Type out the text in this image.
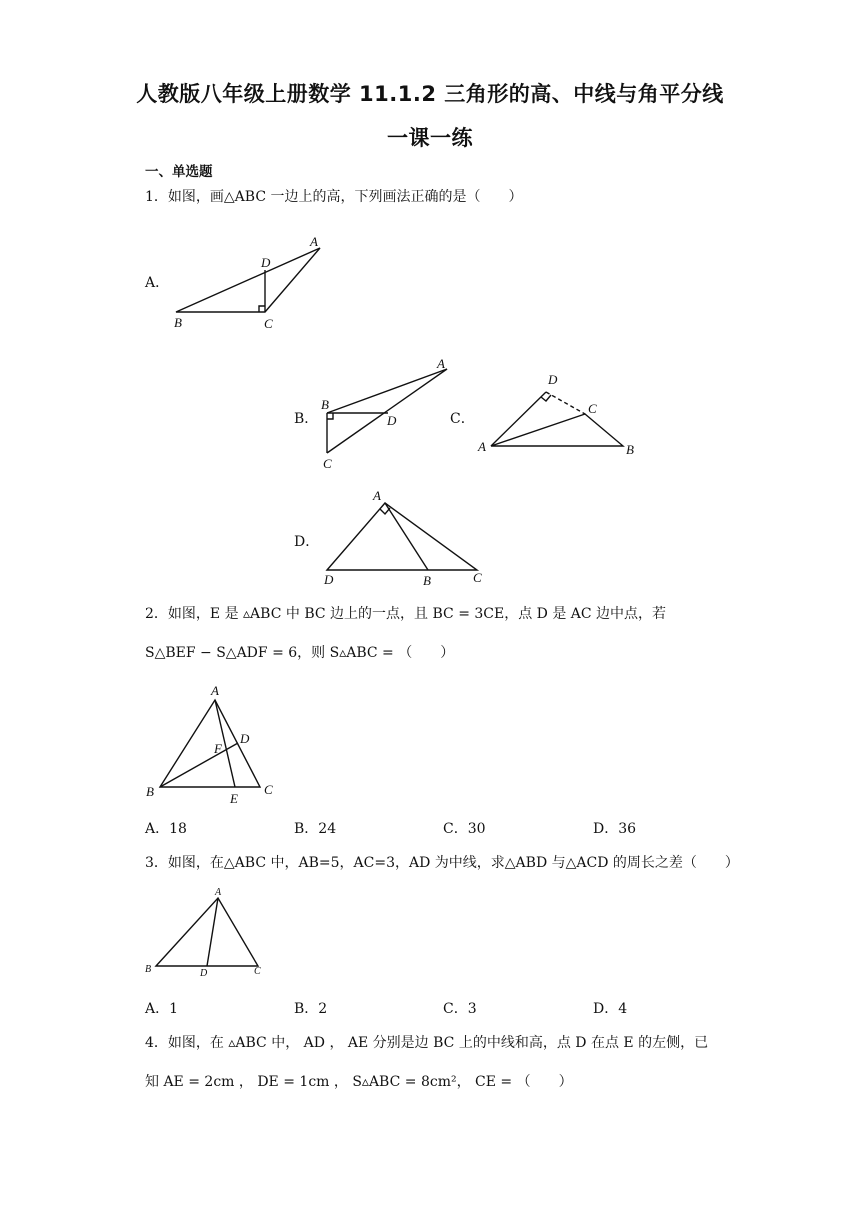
人教版八年级上册数学 11.1.2 三角形的高、中线与角平分线
一课一练
一、单选题
1．如图，画△ABC 一边上的高，下列画法正确的是（　　）
A．
A
D
B	C
B．
A
B
D
C
C．
D
C
A	B
D．
A
D	B	C
2．如图，E 是 ▵ABC 中 BC 边上的一点，且 BC = 3CE，点 D 是 AC 边中点，若
S△BEF − S△ADF = 6，则 S▵ABC = （　　）
A
D
F
B	E
C
A．18	B．24	C．30	D．36
3．如图，在△ABC 中，AB=5，AC=3，AD 为中线，求△ABD 与△ACD 的周长之差（　　）
A
B	D	C
A．1	B．2	C．3	D．4
4．如图，在 ▵ABC 中， AD ， AE 分别是边 BC 上的中线和高，点 D 在点 E 的左侧，已
知 AE = 2cm ， DE = 1cm ， S▵ABC = 8cm²， CE = （　　）
